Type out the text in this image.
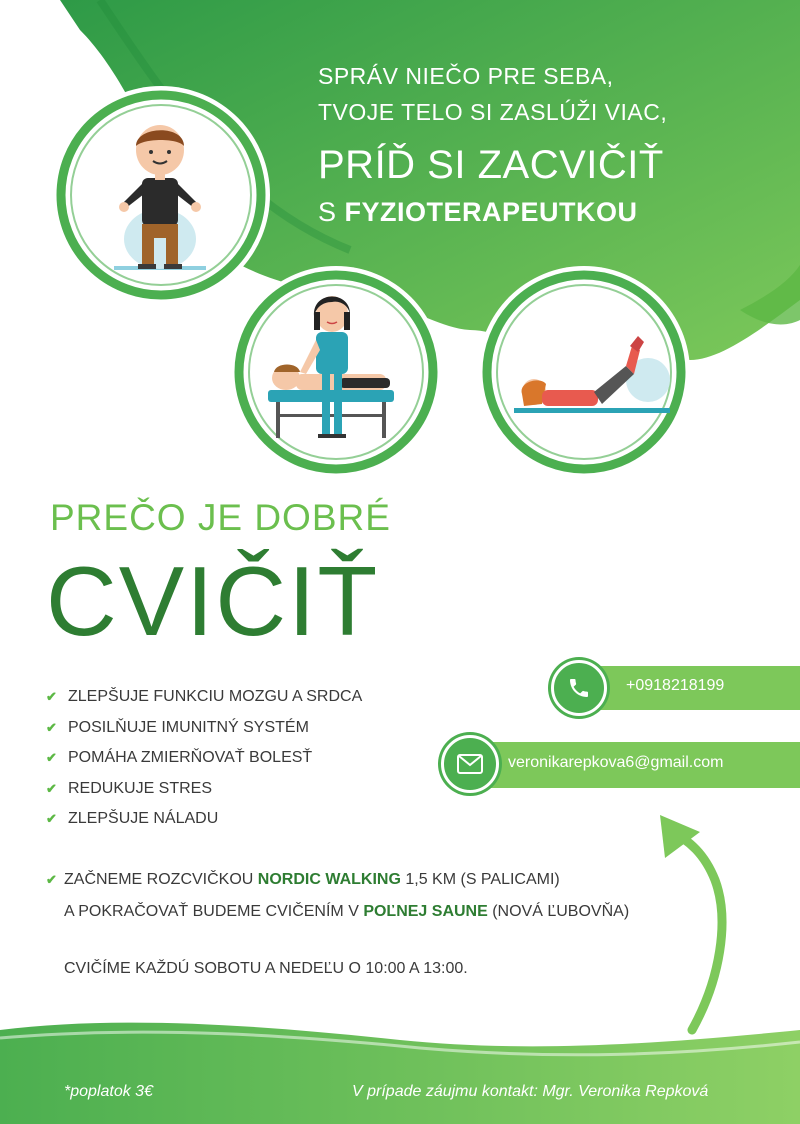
SPRÁV NIEČO PRE SEBA,
TVOJE TELO SI ZASLÚŽI VIAC,
PRÍĎ SI ZACVIČIŤ
S FYZIOTERAPEUTKOU
PREČO JE DOBRÉ
CVIČIŤ
✔ ZLEPŠUJE FUNKCIU MOZGU A SRDCA
✔ POSILŇUJE IMUNITNÝ SYSTÉM
✔ POMÁHA ZMIERŇOVAŤ BOLESŤ
✔ REDUKUJE STRES
✔ ZLEPŠUJE NÁLADU
+0918218199
veronikarepkova6@gmail.com
✔ ZAČNEME ROZCVIČKOU NORDIC WALKING 1,5 KM (S PALICAMI)
A POKRAČOVAŤ BUDEME CVIČENÍM V POĽNEJ SAUNE (NOVÁ ĽUBOVŇA)
CVIČÍME KAŽDÚ SOBOTU A NEDEĽU O 10:00 A 13:00.
*poplatok 3€	V prípade záujmu kontakt: Mgr. Veronika Repková
